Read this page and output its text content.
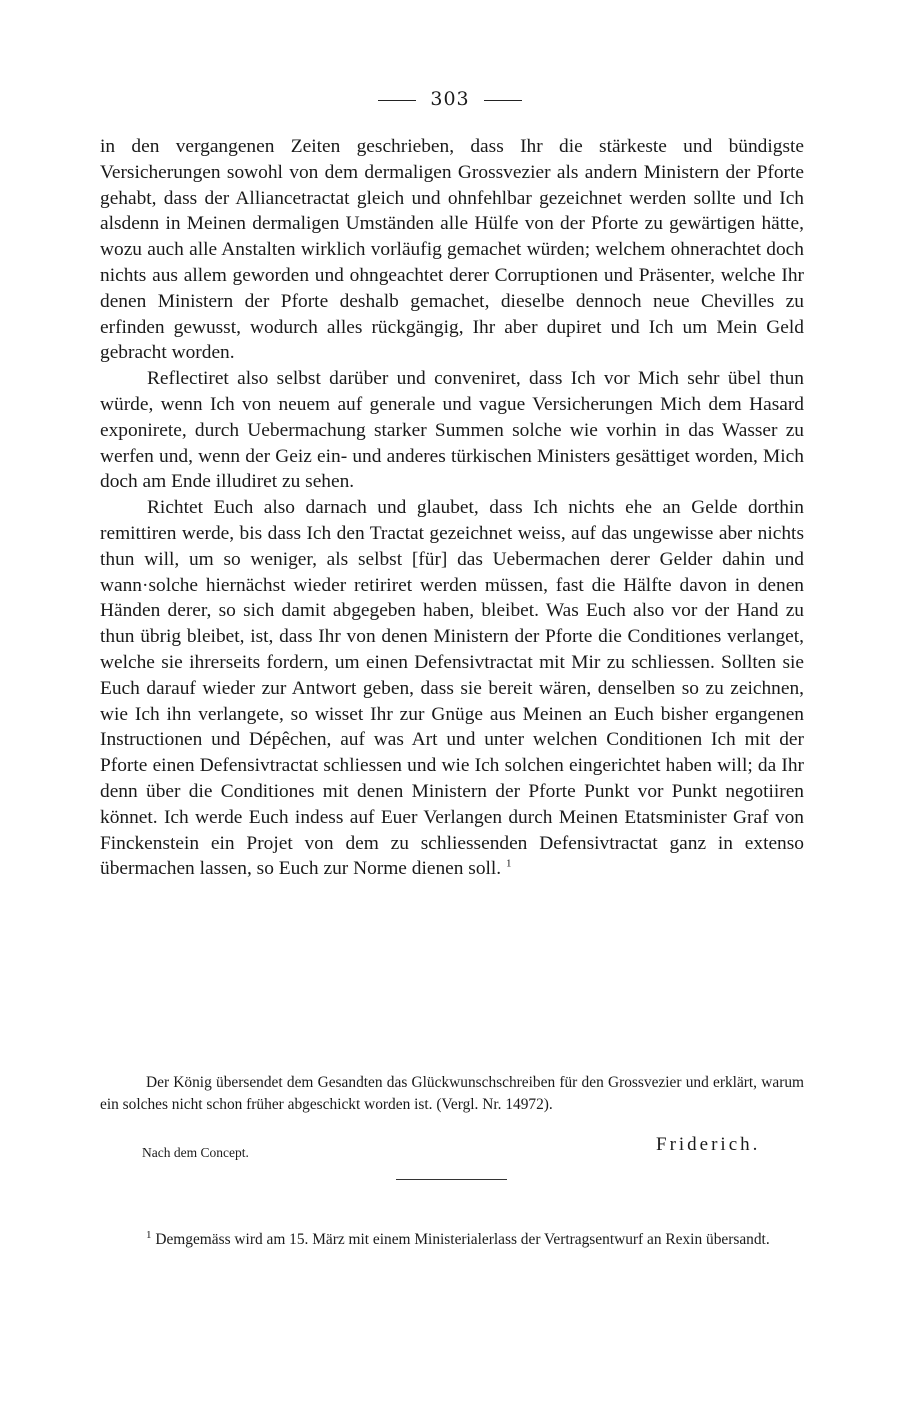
303

in den vergangenen Zeiten geschrieben, dass Ihr die stärkeste und bündigste Versicherungen sowohl von dem dermaligen Grossvezier als andern Ministern der Pforte gehabt, dass der Alliancetractat gleich und ohnfehlbar gezeichnet werden sollte und Ich alsdenn in Meinen dermaligen Umständen alle Hülfe von der Pforte zu gewärtigen hätte, wozu auch alle Anstalten wirklich vorläufig gemachet würden; welchem ohnerachtet doch nichts aus allem geworden und ohngeachtet derer Corruptionen und Präsenter, welche Ihr denen Ministern der Pforte deshalb gemachet, dieselbe dennoch neue Chevilles zu erfinden gewusst, wodurch alles rückgängig, Ihr aber dupiret und Ich um Mein Geld gebracht worden.

Reflectiret also selbst darüber und conveniret, dass Ich vor Mich sehr übel thun würde, wenn Ich von neuem auf generale und vague Versicherungen Mich dem Hasard exponirete, durch Uebermachung starker Summen solche wie vorhin in das Wasser zu werfen und, wenn der Geiz ein- und anderes türkischen Ministers gesättiget worden, Mich doch am Ende illudiret zu sehen.

Richtet Euch also darnach und glaubet, dass Ich nichts ehe an Gelde dorthin remittiren werde, bis dass Ich den Tractat gezeichnet weiss, auf das ungewisse aber nichts thun will, um so weniger, als selbst [für] das Uebermachen derer Gelder dahin und wann·solche hiernächst wieder retiriret werden müssen, fast die Hälfte davon in denen Händen derer, so sich damit abgegeben haben, bleibet. Was Euch also vor der Hand zu thun übrig bleibet, ist, dass Ihr von denen Ministern der Pforte die Conditiones verlanget, welche sie ihrerseits fordern, um einen Defensivtractat mit Mir zu schliessen. Sollten sie Euch darauf wieder zur Antwort geben, dass sie bereit wären, denselben so zu zeichnen, wie Ich ihn verlangete, so wisset Ihr zur Gnüge aus Meinen an Euch bisher ergangenen Instructionen und Dépêchen, auf was Art und unter welchen Conditionen Ich mit der Pforte einen Defensivtractat schliessen und wie Ich solchen eingerichtet haben will; da Ihr denn über die Conditiones mit denen Ministern der Pforte Punkt vor Punkt negotiiren könnet. Ich werde Euch indess auf Euer Verlangen durch Meinen Etatsminister Graf von Finckenstein ein Projet von dem zu schliessenden Defensivtractat ganz in extenso übermachen lassen, so Euch zur Norme dienen soll. $^1$

Der König übersendet dem Gesandten das Glückwunschschreiben für den Grossvezier und erklärt, warum ein solches nicht schon früher abgeschickt worden ist. (Vergl. Nr. 14972).
Nach dem Concept.	Friderich.
$^1$ Demgemäss wird am 15. März mit einem Ministerialerlass der Vertragsentwurf an Rexin übersandt.
